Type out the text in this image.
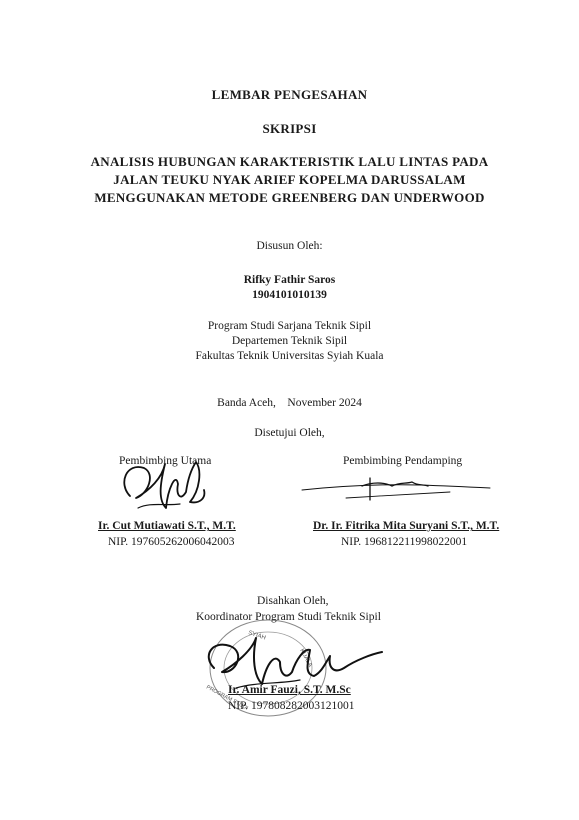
LEMBAR PENGESAHAN
SKRIPSI
ANALISIS HUBUNGAN KARAKTERISTIK LALU LINTAS PADA
JALAN TEUKU NYAK ARIEF KOPELMA DARUSSALAM
MENGGUNAKAN METODE GREENBERG DAN UNDERWOOD
Disusun Oleh:
Rifky Fathir Saros
1904101010139
Program Studi Sarjana Teknik Sipil
Departemen Teknik Sipil
Fakultas Teknik Universitas Syiah Kuala
Banda Aceh,    November 2024
Disetujui Oleh,
Pembimbing Utama
Ir. Cut Mutiawati S.T., M.T.
NIP. 197605262006042003
Pembimbing Pendamping
Dr. Ir. Fitrika Mita Suryani S.T., M.T.
NIP. 196812211998022001
Disahkan Oleh,
Koordinator Program Studi Teknik Sipil
SYIAH
KUALA
PROGRAM STUDI
Ir. Amir Fauzi, S.T. M.Sc
NIP. 197808282003121001
